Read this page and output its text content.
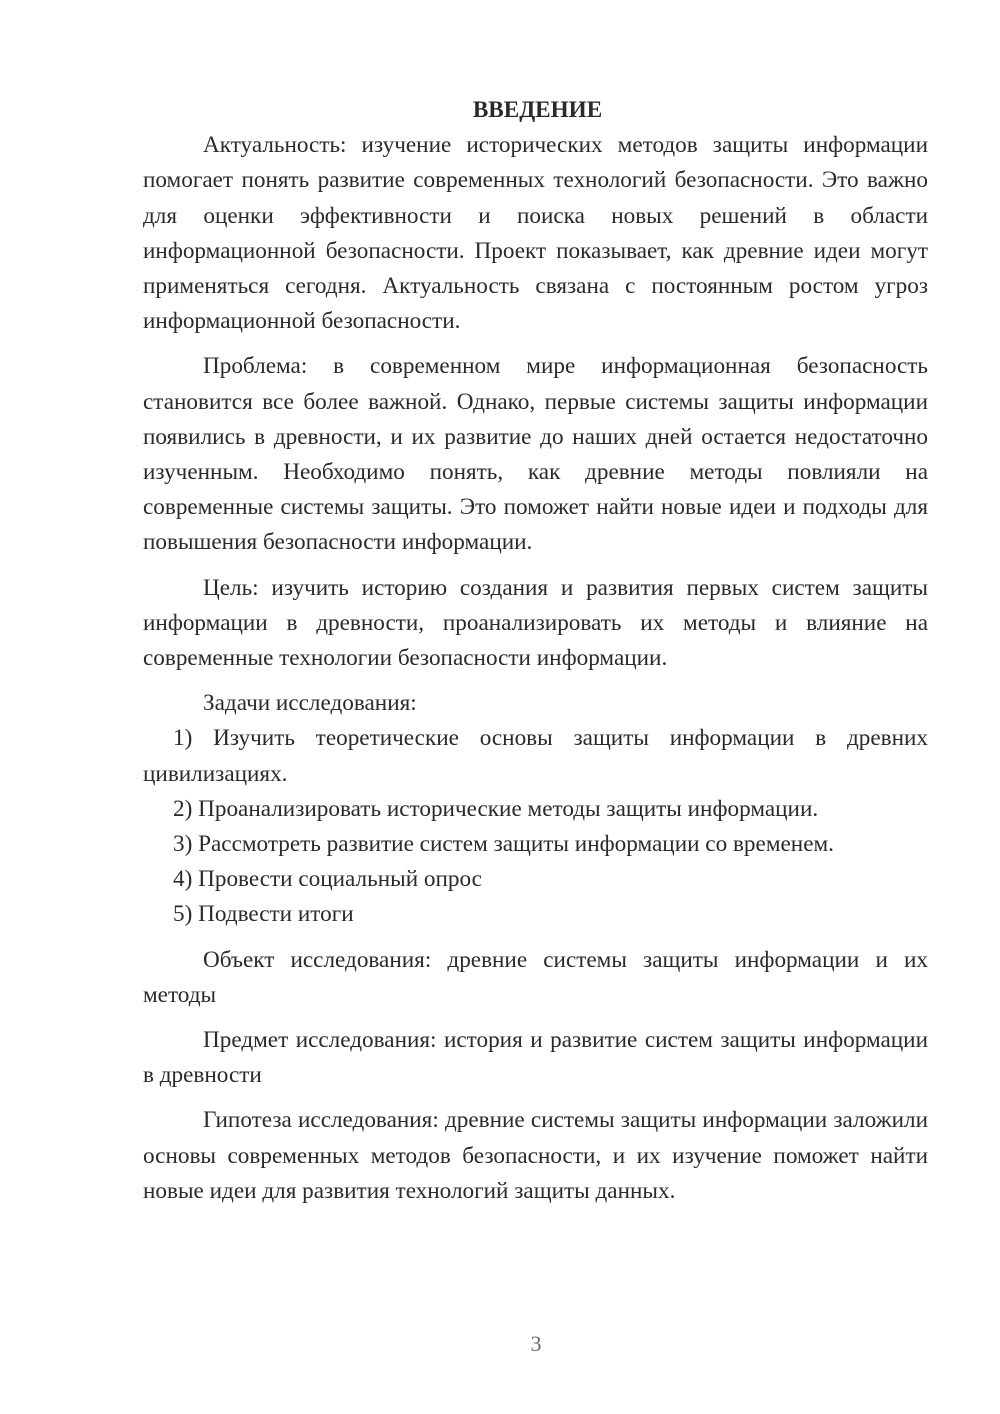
ВВЕДЕНИЕ

Актуальность: изучение исторических методов защиты информации помогает понять развитие современных технологий безопасности. Это важно для оценки эффективности и поиска новых решений в области информационной безопасности. Проект показывает, как древние идеи могут применяться сегодня. Актуальность связана с постоянным ростом угроз информационной безопасности.

Проблема: в современном мире информационная безопасность становится все более важной. Однако, первые системы защиты информации появились в древности, и их развитие до наших дней остается недостаточно изученным. Необходимо понять, как древние методы повлияли на современные системы защиты. Это поможет найти новые идеи и подходы для повышения безопасности информации.

Цель: изучить историю создания и развития первых систем защиты информации в древности, проанализировать их методы и влияние на современные технологии безопасности информации.

Задачи исследования:

1) Изучить теоретические основы защиты информации в древних цивилизациях.

2) Проанализировать исторические методы защиты информации.

3) Рассмотреть развитие систем защиты информации со временем.

4) Провести социальный опрос

5) Подвести итоги

Объект исследования: древние системы защиты информации и их методы

Предмет исследования: история и развитие систем защиты информации в древности

Гипотеза исследования: древние системы защиты информации заложили основы современных методов безопасности, и их изучение поможет найти новые идеи для развития технологий защиты данных.

3
